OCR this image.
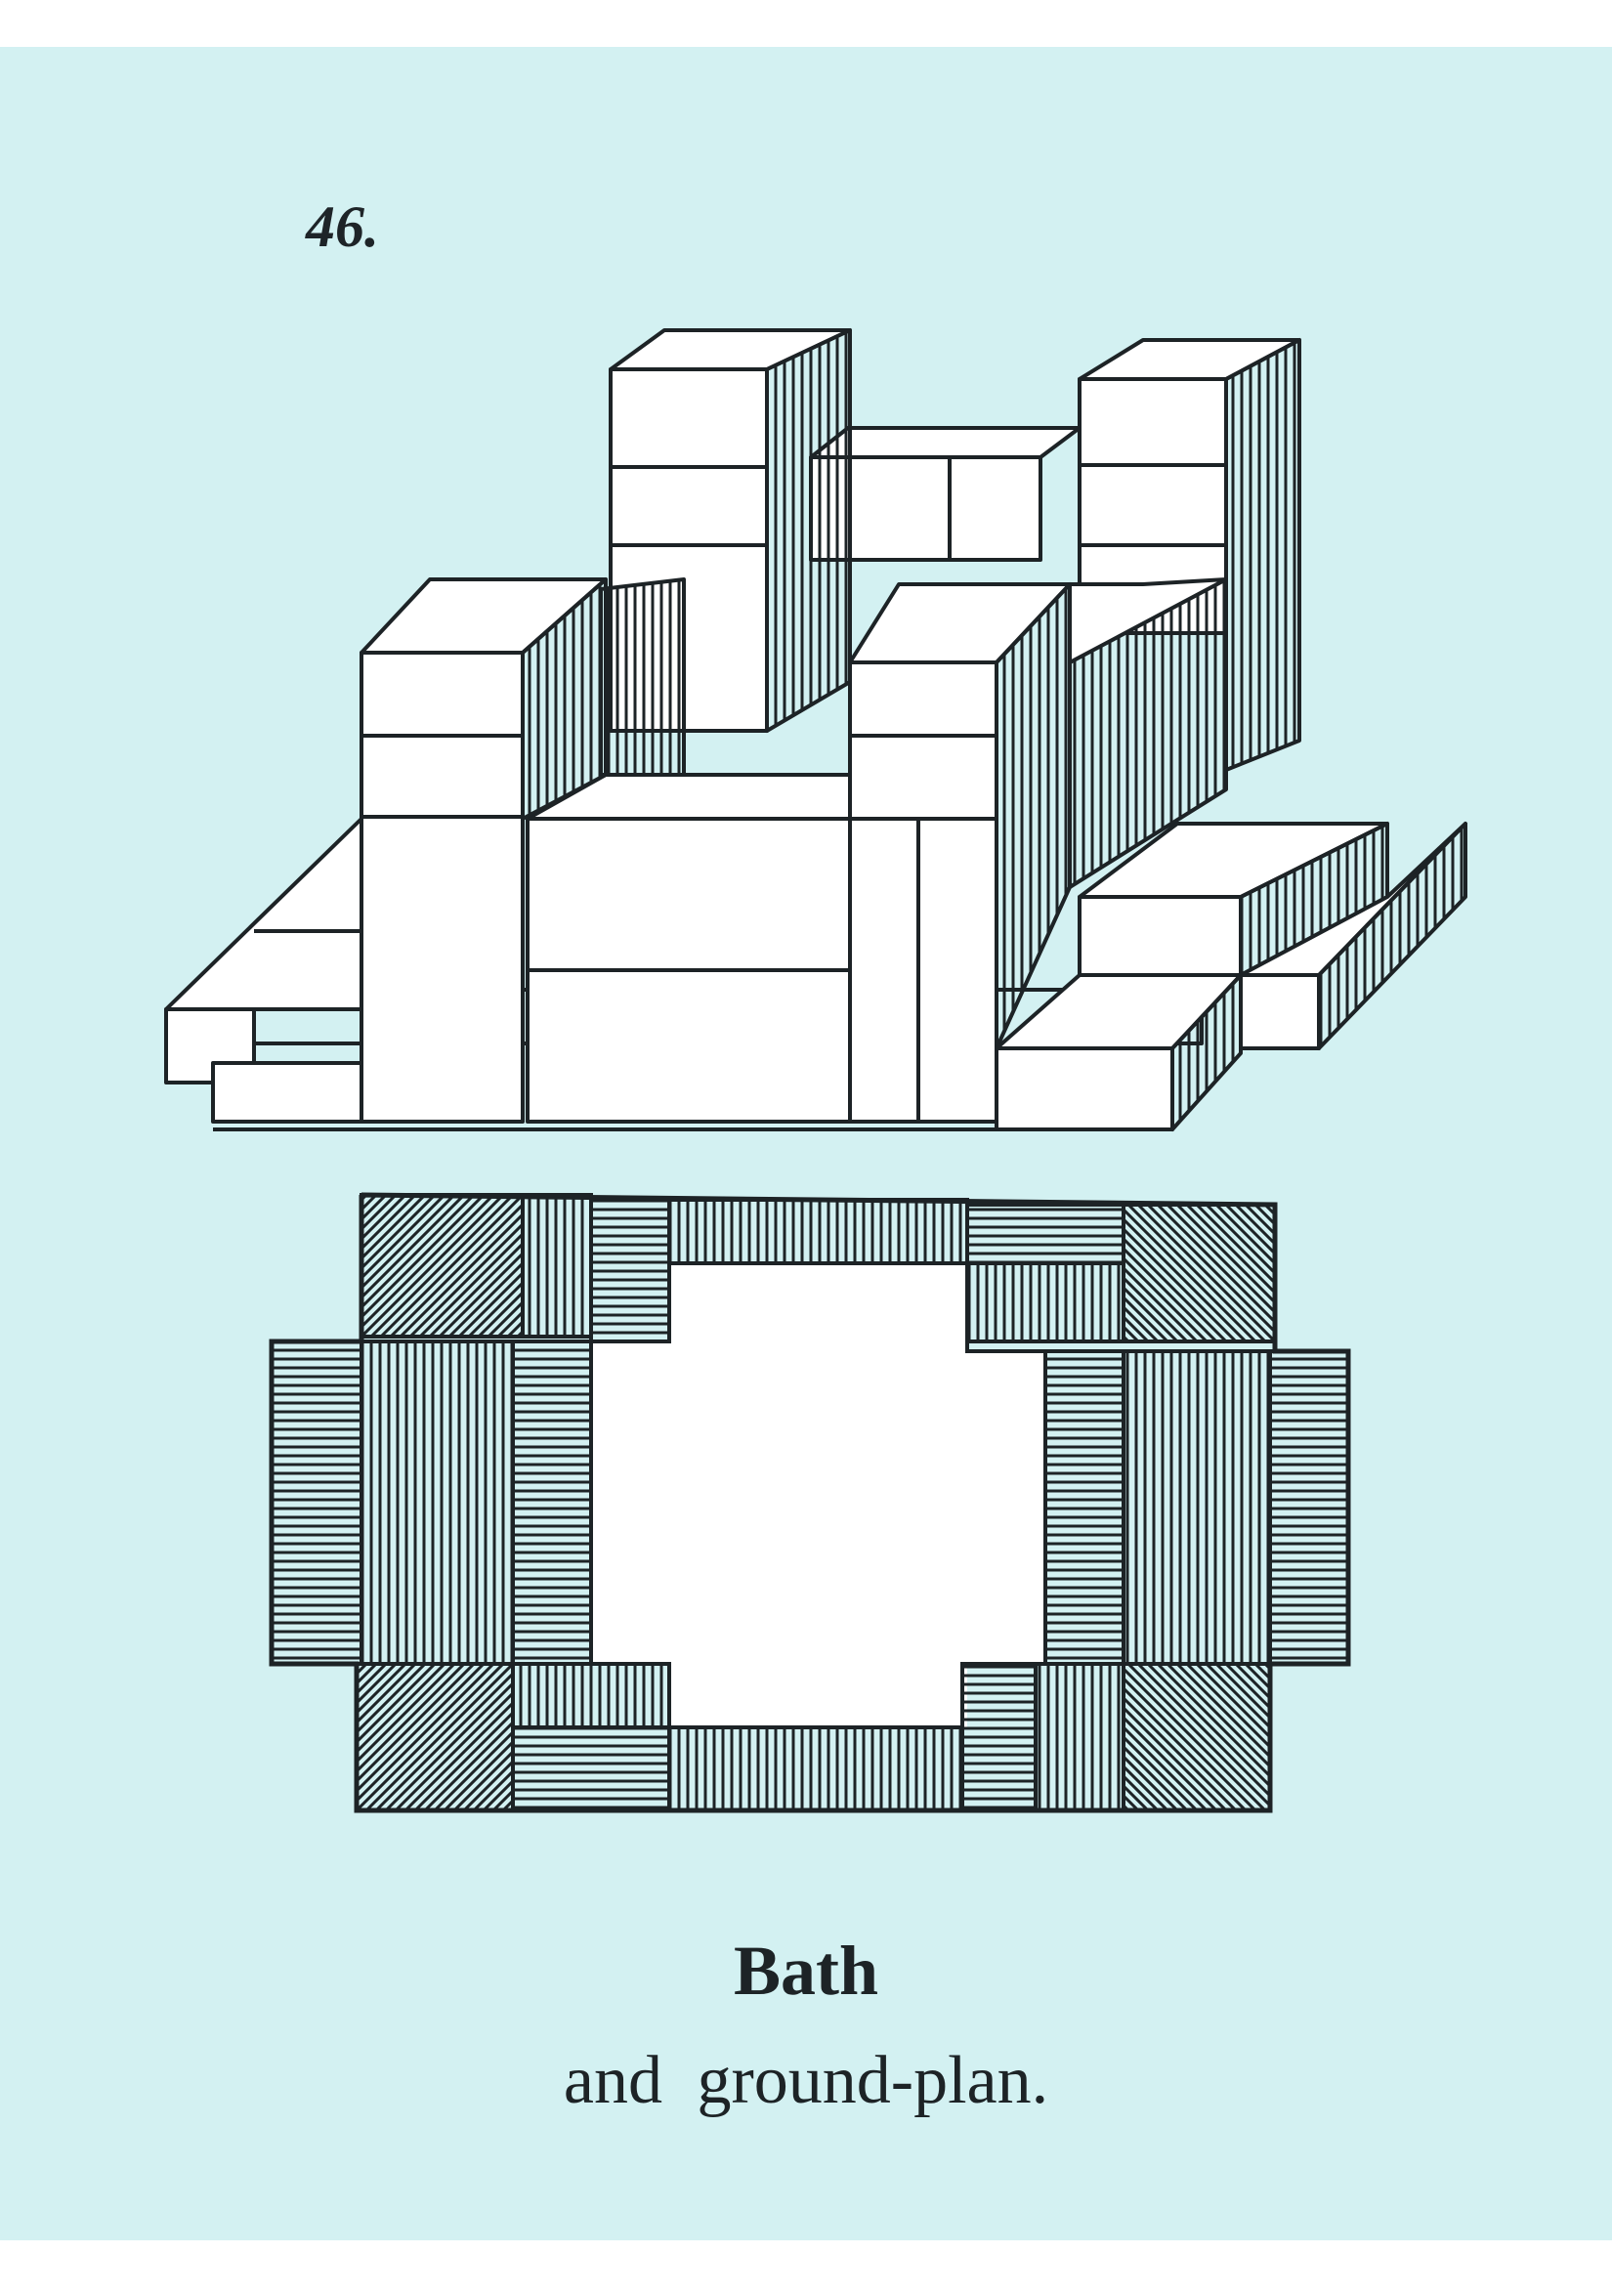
46.
Bath
and ground-plan.
